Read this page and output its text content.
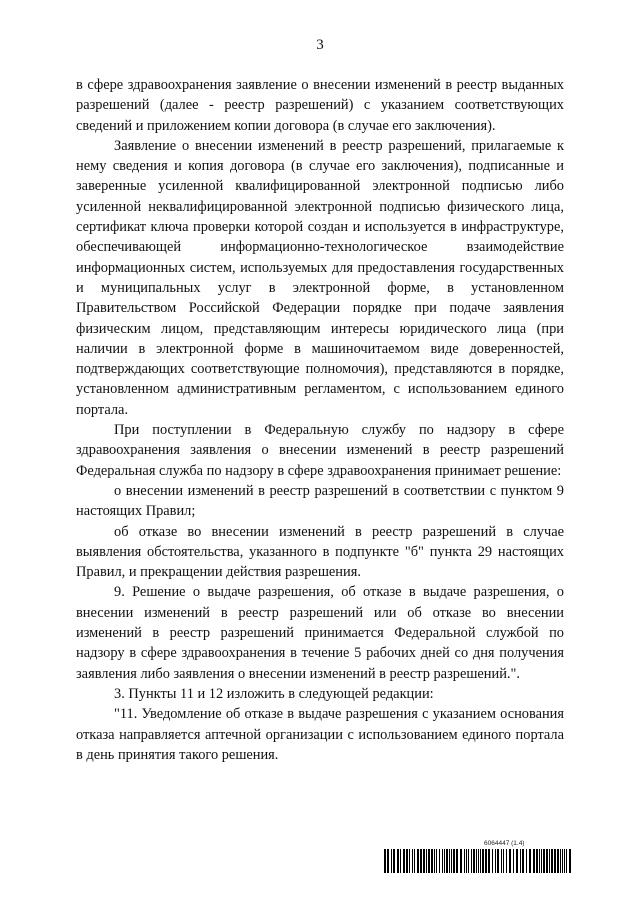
3

в сфере здравоохранения заявление о внесении изменений в реестр выданных разрешений (далее - реестр разрешений) с указанием соответствующих сведений и приложением копии договора (в случае его заключения).

Заявление о внесении изменений в реестр разрешений, прилагаемые к нему сведения и копия договора (в случае его заключения), подписанные и заверенные усиленной квалифицированной электронной подписью либо усиленной неквалифицированной электронной подписью физического лица, сертификат ключа проверки которой создан и используется в инфраструктуре, обеспечивающей информационно-технологическое взаимодействие информационных систем, используемых для предоставления государственных и муниципальных услуг в электронной форме, в установленном Правительством Российской Федерации порядке при подаче заявления физическим лицом, представляющим интересы юридического лица (при наличии в электронной форме в машиночитаемом виде доверенностей, подтверждающих соответствующие полномочия), представляются в порядке, установленном административным регламентом, с использованием единого портала.

При поступлении в Федеральную службу по надзору в сфере здравоохранения заявления о внесении изменений в реестр разрешений Федеральная служба по надзору в сфере здравоохранения принимает решение:

о внесении изменений в реестр разрешений в соответствии с пунктом 9 настоящих Правил;

об отказе во внесении изменений в реестр разрешений в случае выявления обстоятельства, указанного в подпункте "б" пункта 29 настоящих Правил, и прекращении действия разрешения.

9. Решение о выдаче разрешения, об отказе в выдаче разрешения, о внесении изменений в реестр разрешений или об отказе во внесении изменений в реестр разрешений принимается Федеральной службой по надзору в сфере здравоохранения в течение 5 рабочих дней со дня получения заявления либо заявления о внесении изменений в реестр разрешений.".

3. Пункты 11 и 12 изложить в следующей редакции:

"11. Уведомление об отказе в выдаче разрешения с указанием основания отказа направляется аптечной организации с использованием единого портала в день принятия такого решения.

6064447 (1.4)
